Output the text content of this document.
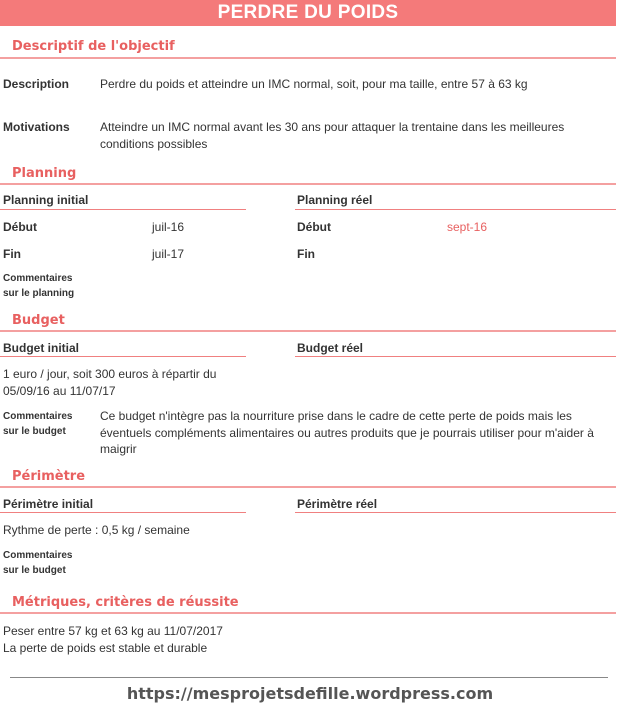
PERDRE DU POIDS
Descriptif de l'objectif
Description	Perdre du poids et atteindre un IMC normal, soit, pour ma taille, entre 57 à 63 kg
Motivations	Atteindre un IMC normal avant les 30 ans pour attaquer la trentaine dans les meilleures conditions possibles
Planning
Planning initial	Planning réel
Début	juil-16	Début	sept-16
Fin	juil-17	Fin
Commentaires
sur le planning
Budget
Budget initial	Budget réel
1 euro / jour, soit 300 euros à répartir du 05/09/16 au 11/07/17
Commentaires
sur le budget
Ce budget n'intègre pas la nourriture prise dans le cadre de cette perte de poids mais les éventuels compléments alimentaires ou autres produits que je pourrais utiliser pour m'aider à maigrir
Périmètre
Périmètre initial	Périmètre réel
Rythme de perte : 0,5 kg / semaine
Commentaires
sur le budget
Métriques, critères de réussite
Peser entre 57 kg et 63 kg au 11/07/2017
La perte de poids est stable et durable
https://mesprojetsdefille.wordpress.com
